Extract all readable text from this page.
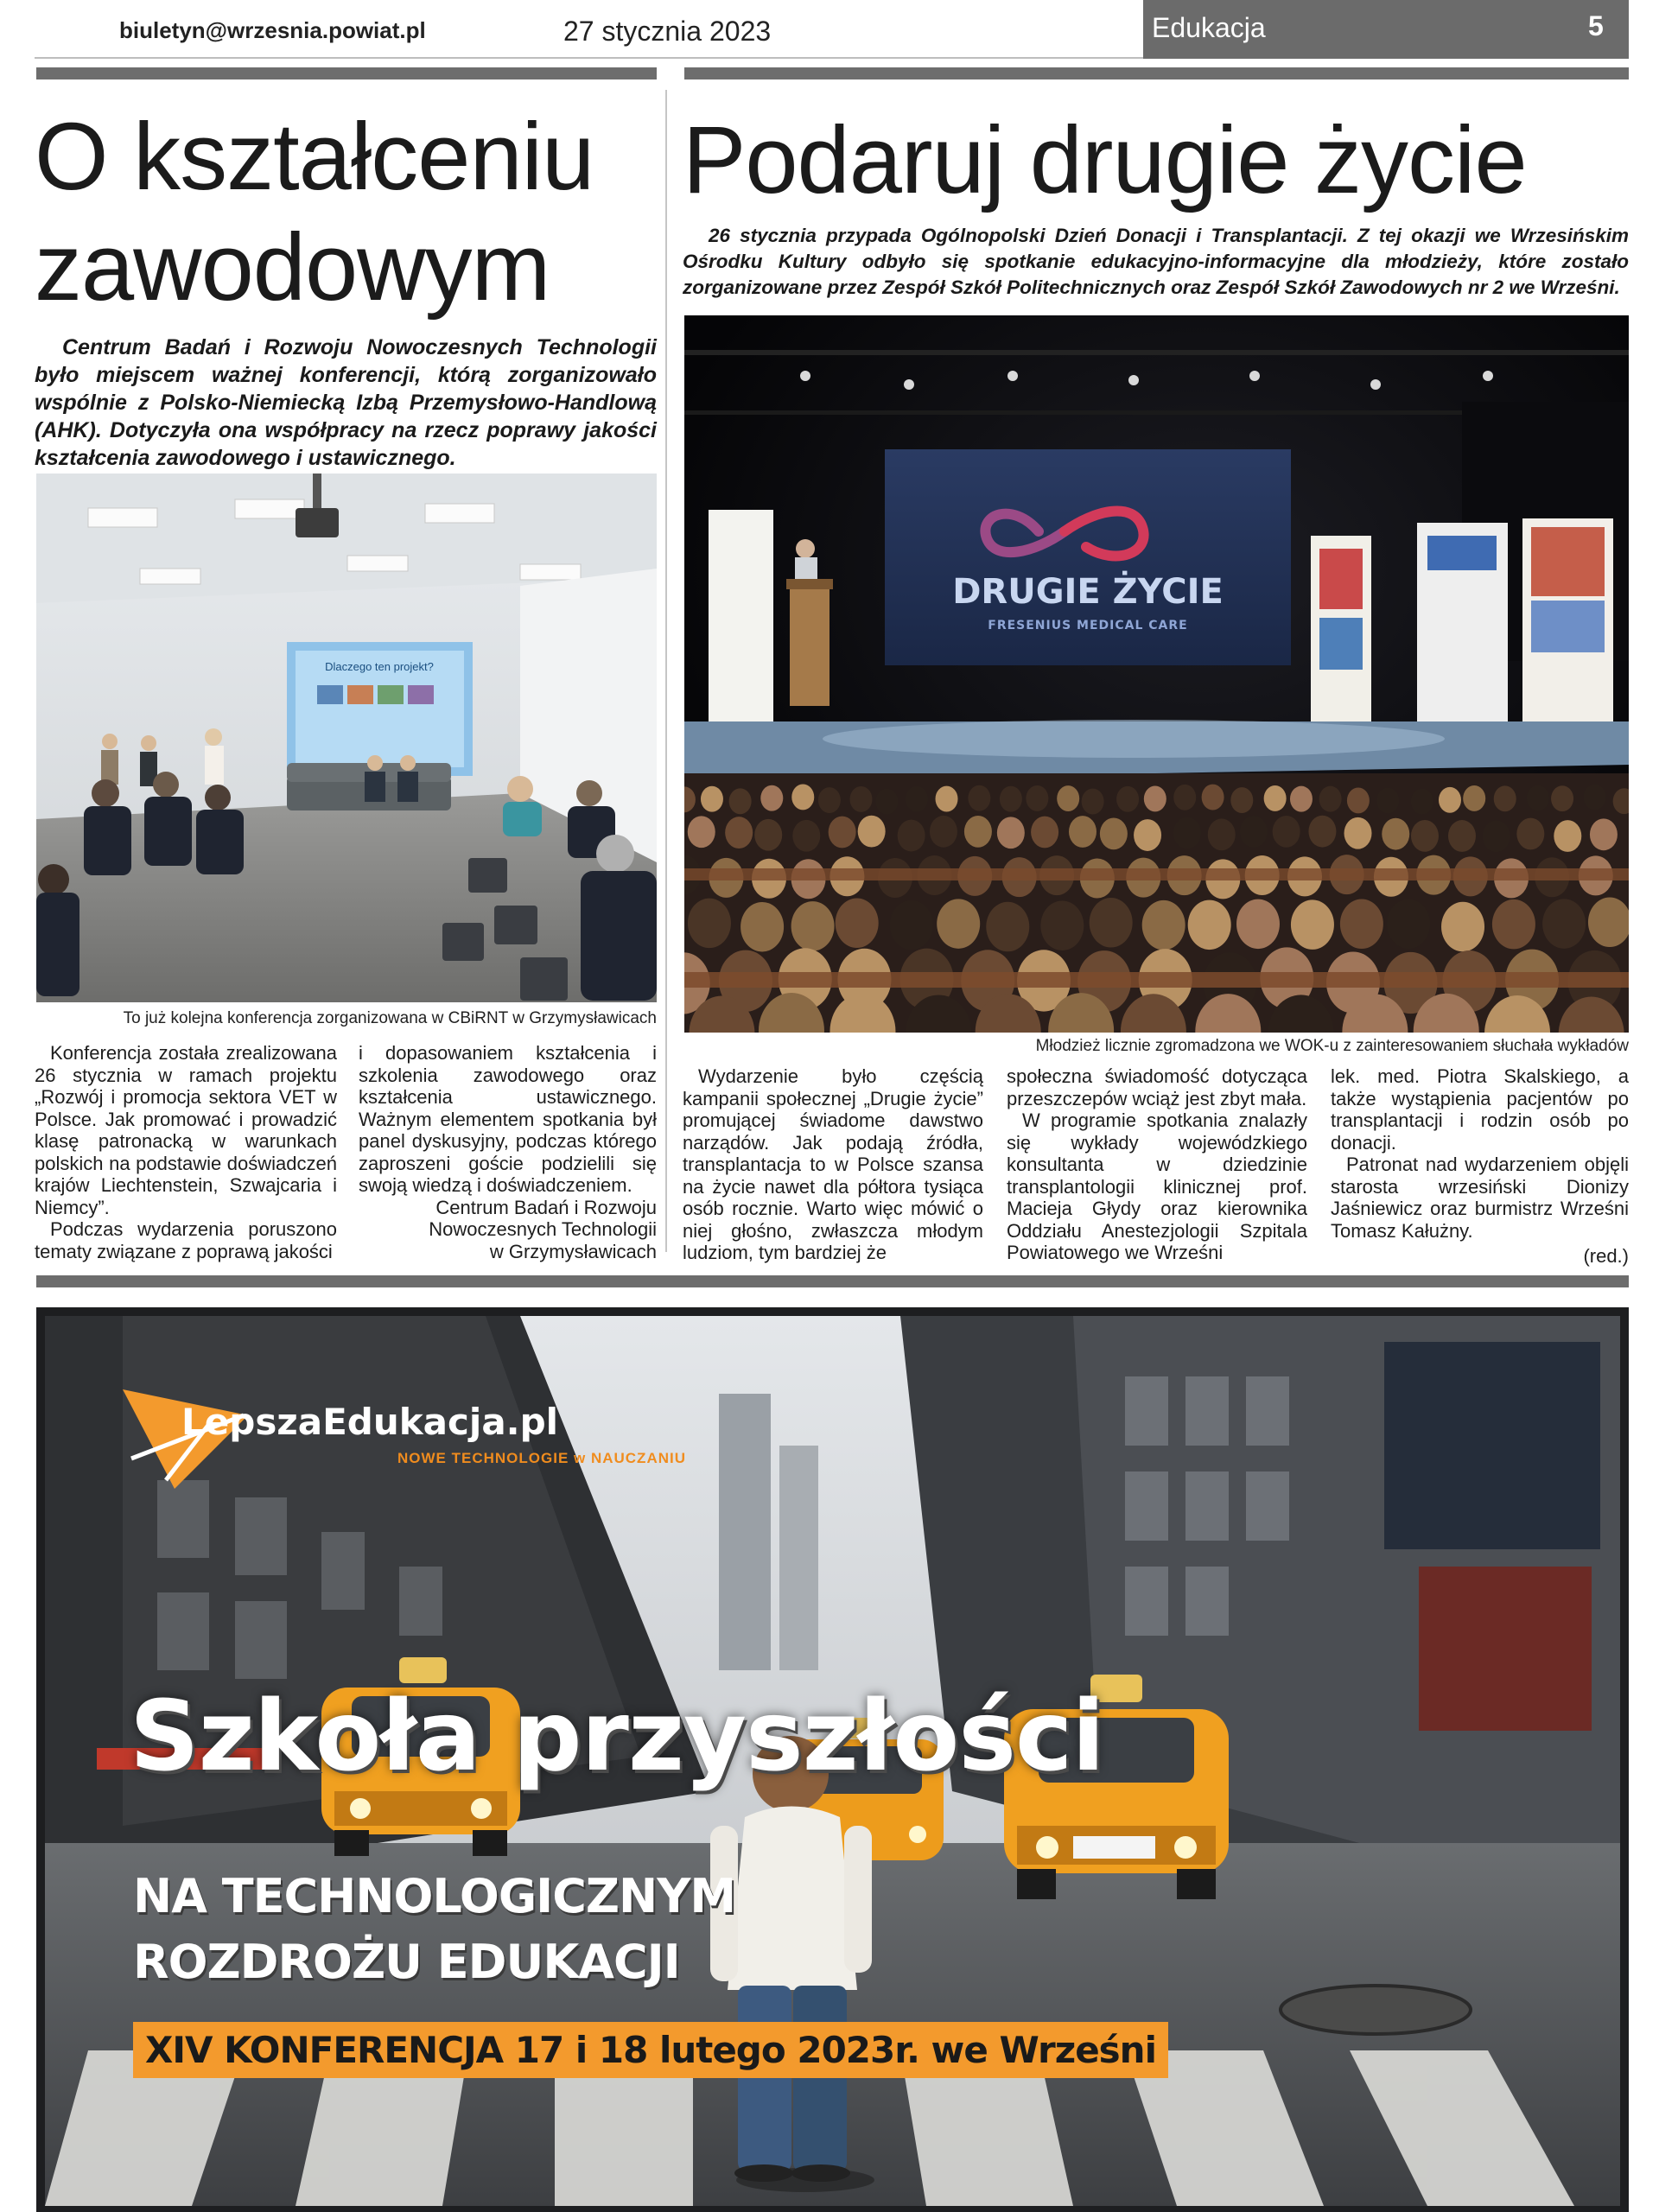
biuletyn@wrzesnia.powiat.pl	27 stycznia 2023	Edukacja	5
O kształceniu
zawodowym
Centrum Badań i Rozwoju Nowoczesnych Technologii było miejscem ważnej konferencji, którą zorganizowało wspólnie z Polsko-Niemiecką Izbą Przemysłowo-Handlową (AHK). Dotyczyła ona współpracy na rzecz poprawy jakości kształcenia zawodowego i ustawicznego.
Dlaczego ten projekt?
To już kolejna konferencja zorganizowana w CBiRNT w Grzymysławicach

Konferencja została zrealizowana 26 stycznia w ramach projektu „Rozwój i promocja sektora VET w Polsce. Jak promować i prowadzić klasę patronacką w warunkach polskich na podstawie doświadczeń krajów Liechtenstein, Szwajcaria i Niemcy”.

Podczas wydarzenia poruszono tematy związane z poprawą jakości

i dopasowaniem kształcenia i szkolenia zawodowego oraz kształcenia ustawicznego. Ważnym elementem spotkania był panel dyskusyjny, podczas którego zaproszeni goście podzielili się swoją wiedzą i doświadczeniem.

Centrum Badań i Rozwoju

Nowoczesnych Technologii

w Grzymysławicach

Podaruj drugie życie
26 stycznia przypada Ogólnopolski Dzień Donacji i Transplantacji. Z tej okazji we Wrzesińskim Ośrodku Kultury odbyło się spotkanie edukacyjno-informacyjne dla młodzieży, które zostało zorganizowane przez Zespół Szkół Politechnicznych oraz Zespół Szkół Zawodowych nr 2 we Wrześni.
DRUGIE ŻYCIE
FRESENIUS MEDICAL CARE
Młodzież licznie zgromadzona we WOK-u z zainteresowaniem słuchała wykładów

Wydarzenie było częścią kampanii społecznej „Drugie życie” promującej świadome dawstwo narządów. Jak podają źródła, transplantacja to w Polsce szansa na życie nawet dla półtora tysiąca osób rocznie. Warto więc mówić o niej głośno, zwłaszcza młodym ludziom, tym bardziej że

społeczna świadomość dotycząca przeszczepów wciąż jest zbyt mała.

W programie spotkania znalazły się wykłady wojewódzkiego konsultanta w dziedzinie transplantologii klinicznej prof. Macieja Głydy oraz kierownika Oddziału Anestezjologii Szpitala Powiatowego we Wrześni

lek. med. Piotra Skalskiego, a także wystąpienia pacjentów po transplantacji i rodzin osób po donacji.

Patronat nad wydarzeniem objęli starosta wrzesiński Dionizy Jaśniewicz oraz burmistrz Wrześni Tomasz Kałużny.

(red.)

LepszaEdukacja.pl
NOWE TECHNOLOGIE w NAUCZANIU
Szkoła przyszłości
NA TECHNOLOGICZNYM
ROZDROŻU EDUKACJI
XIV KONFERENCJA 17 i 18 lutego 2023r. we Wrześni
